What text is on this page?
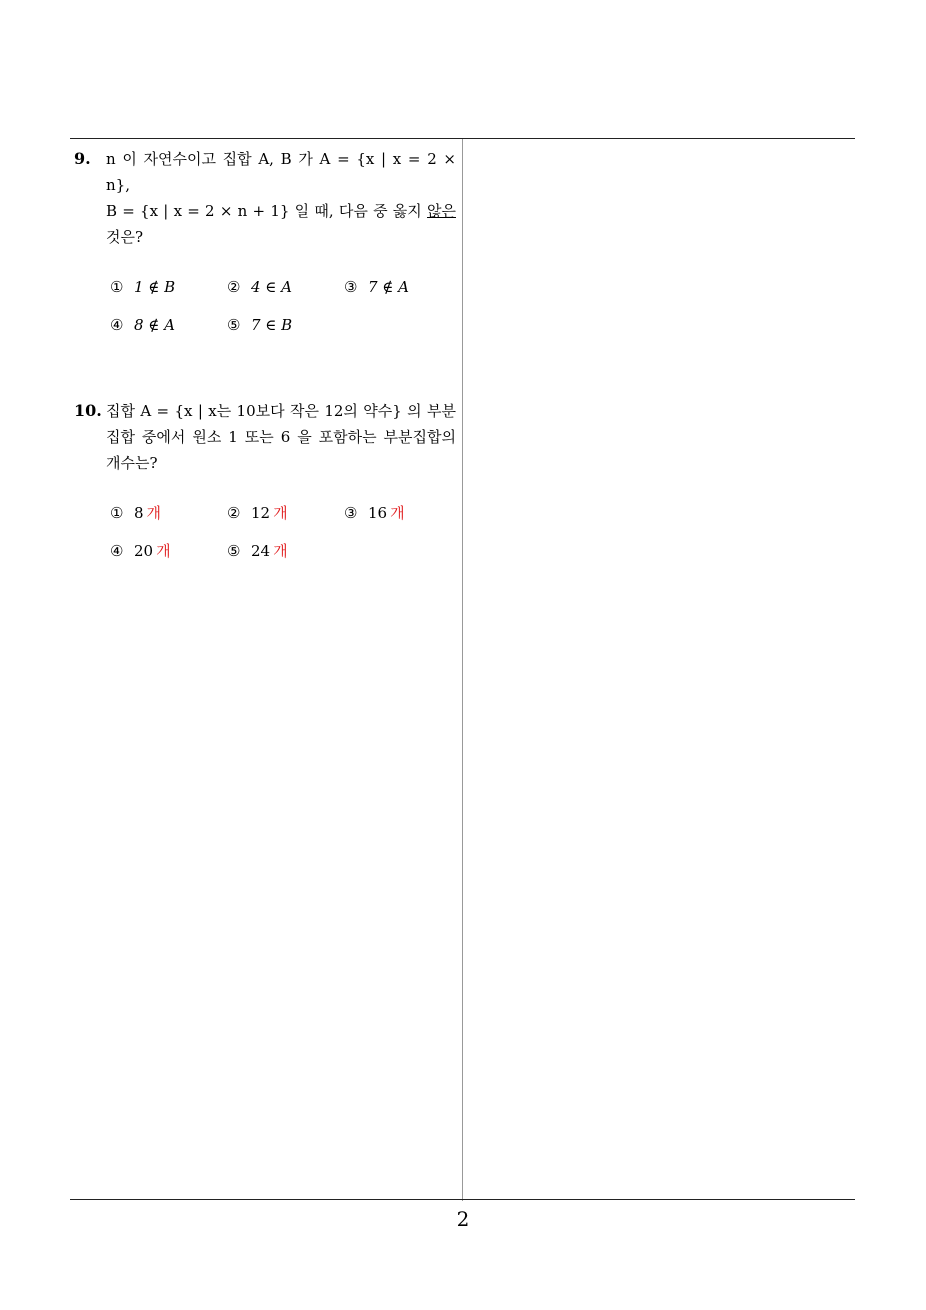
9. n 이 자연수이고 집합 A, B 가 A = {x | x = 2 × n},
B = {x | x = 2 × n + 1} 일 때, 다음 중 옳지 않은
것은?
① 1 ∉ B	② 4 ∈ A	③ 7 ∉ A
④ 8 ∉ A	⑤ 7 ∈ B
10. 집합 A = {x | x는 10보다 작은 12의 약수} 의 부분
집합 중에서 원소 1 또는 6 을 포함하는 부분집합의
개수는?
① 8 개	② 12 개	③ 16 개
④ 20 개	⑤ 24 개
2
